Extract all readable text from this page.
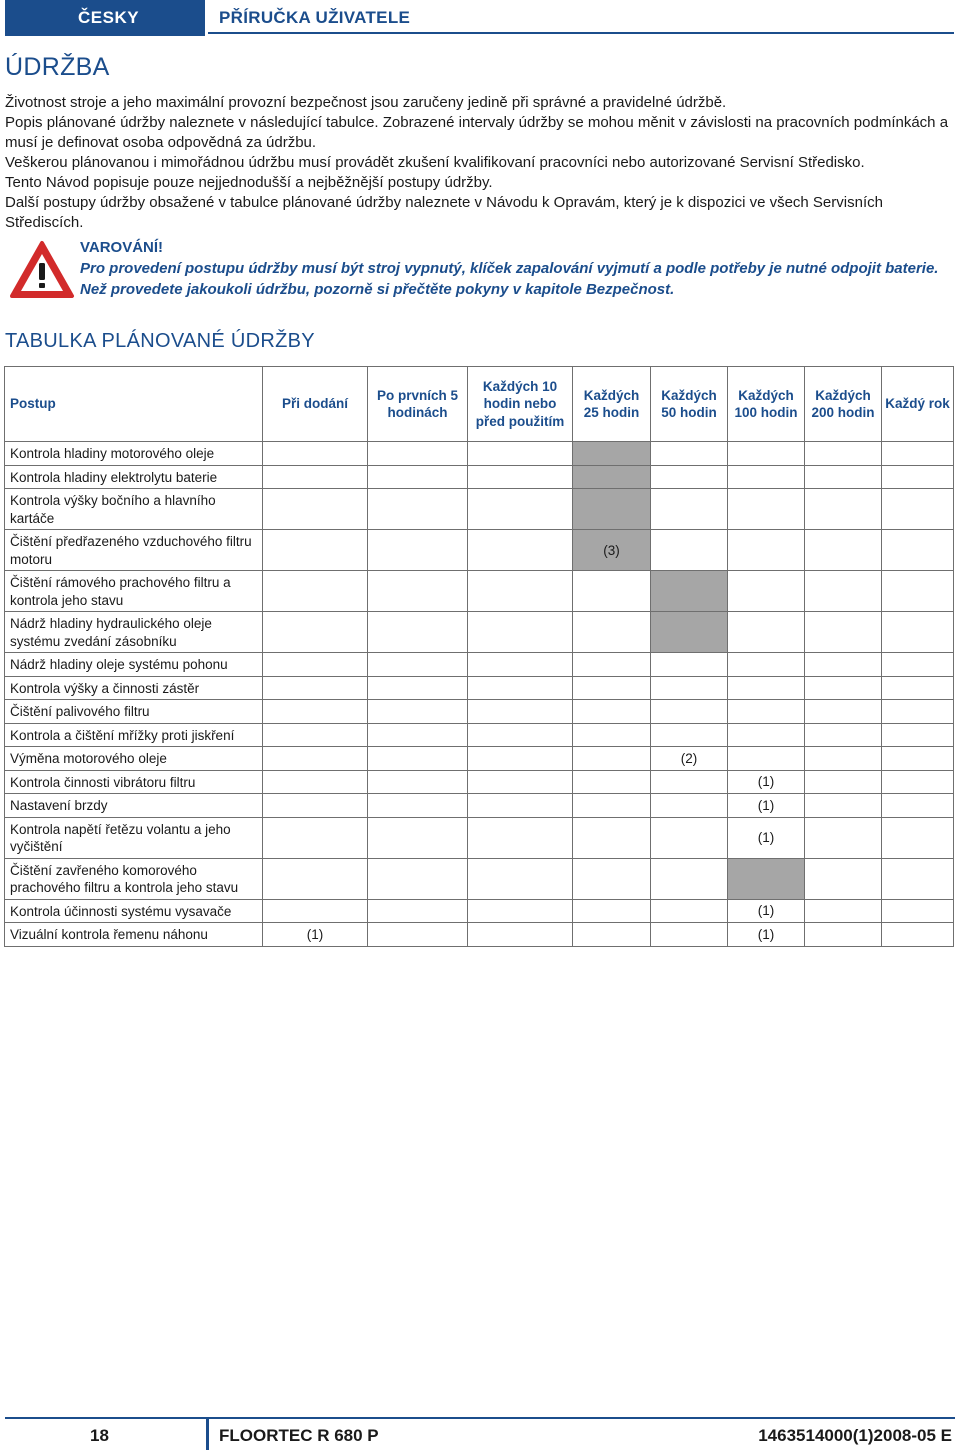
ČESKY	PŘÍRUČKA UŽIVATELE
ÚDRŽBA

Životnost stroje a jeho maximální provozní bezpečnost jsou zaručeny jedině při správné a pravidelné údržbě.

Popis plánované údržby naleznete v následující tabulce. Zobrazené intervaly údržby se mohou měnit v závislosti na pracovních podmínkách a musí je definovat osoba odpovědná za údržbu.

Veškerou plánovanou i mimořádnou údržbu musí provádět zkušení kvalifikovaní pracovníci nebo autorizované Servisní Středisko.

Tento Návod popisuje pouze nejjednodušší a nejběžnější postupy údržby.

Další postupy údržby obsažené v tabulce plánované údržby naleznete v Návodu k Opravám, který je k dispozici ve všech Servisních Střediscích.

VAROVÁNÍ!
Pro provedení postupu údržby musí být stroj vypnutý, klíček zapalování vyjmutí a podle potřeby je nutné odpojit baterie.
Než provedete jakoukoli údržbu, pozorně si přečtěte pokyny v kapitole Bezpečnost.
TABULKA PLÁNOVANÉ ÚDRŽBY
Postup	Při dodání	Po prvních 5 hodinách	Každých 10 hodin nebo před použitím	Každých 25 hodin	Každých 50 hodin	Každých 100 hodin	Každých 200 hodin	Každý rok
Kontrola hladiny motorového oleje								
Kontrola hladiny elektrolytu baterie								
Kontrola výšky bočního a hlavního kartáče								
Čištění předřazeného vzduchového filtru motoru				(3)				
Čištění rámového prachového filtru a kontrola jeho stavu								
Nádrž hladiny hydraulického oleje systému zvedání zásobníku								
Nádrž hladiny oleje systému pohonu								
Kontrola výšky a činnosti zástěr								
Čištění palivového filtru								
Kontrola a čištění mřížky proti jiskření								
Výměna motorového oleje					(2)			
Kontrola činnosti vibrátoru filtru						(1)		
Nastavení brzdy						(1)		
Kontrola napětí řetězu volantu a jeho vyčištění						(1)		
Čištění zavřeného komorového prachového filtru a kontrola jeho stavu								
Kontrola účinnosti systému vysavače						(1)		
Vizuální kontrola řemenu náhonu	(1)					(1)		
18	FLOORTEC R 680 P	1463514000(1)2008-05 E
